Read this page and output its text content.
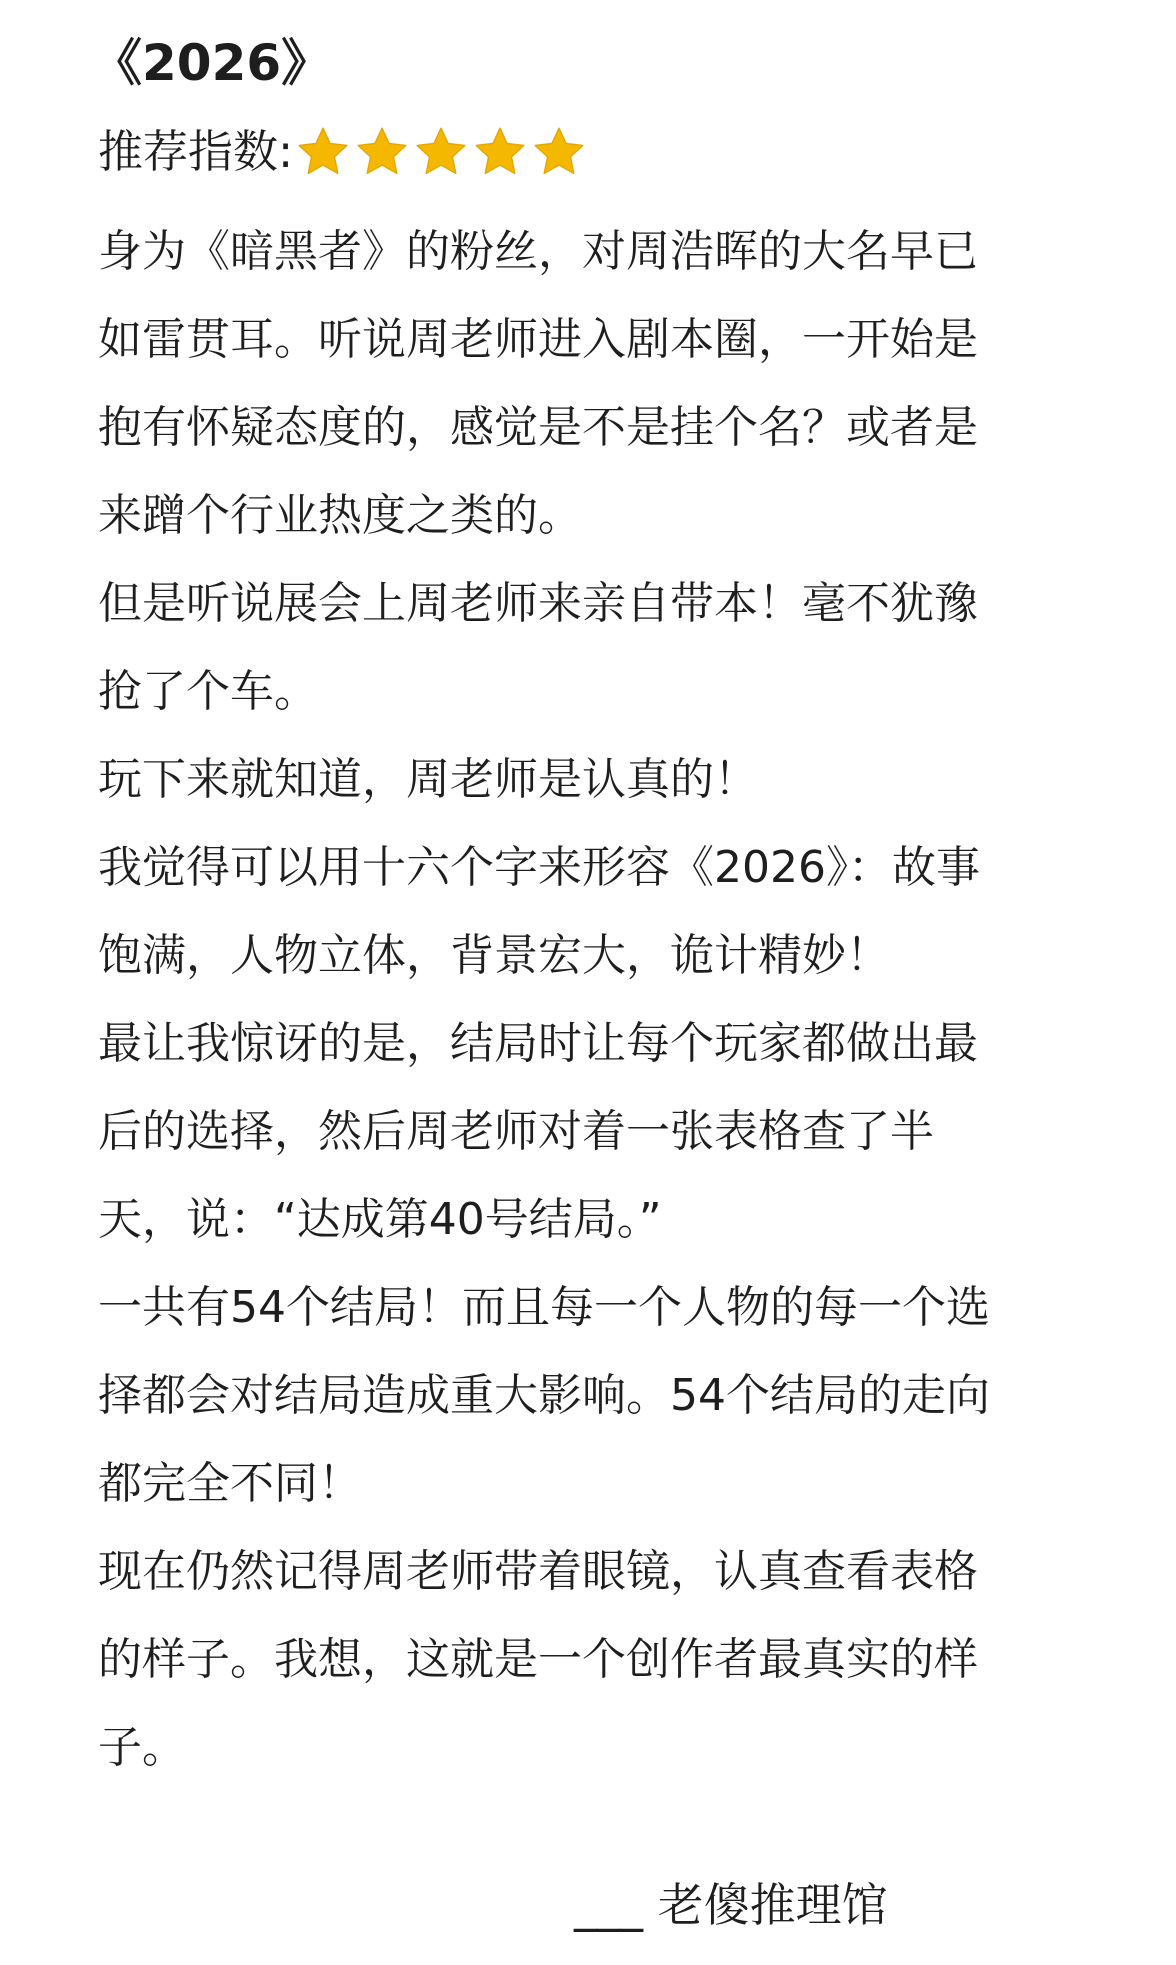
《2026》
推荐指数:
身为《暗黑者》的粉丝，对周浩晖的大名早已
如雷贯耳。听说周老师进入剧本圈，一开始是
抱有怀疑态度的，感觉是不是挂个名？或者是
来蹭个行业热度之类的。
但是听说展会上周老师来亲自带本！毫不犹豫
抢了个车。
玩下来就知道，周老师是认真的！
我觉得可以用十六个字来形容《2026》：故事
饱满，人物立体，背景宏大，诡计精妙！
最让我惊讶的是，结局时让每个玩家都做出最
后的选择，然后周老师对着一张表格查了半
天，说：“达成第40号结局。”
一共有54个结局！而且每一个人物的每一个选
择都会对结局造成重大影响。54个结局的走向
都完全不同！
现在仍然记得周老师带着眼镜，认真查看表格
的样子。我想，这就是一个创作者最真实的样
子。
___ 老傻推理馆
